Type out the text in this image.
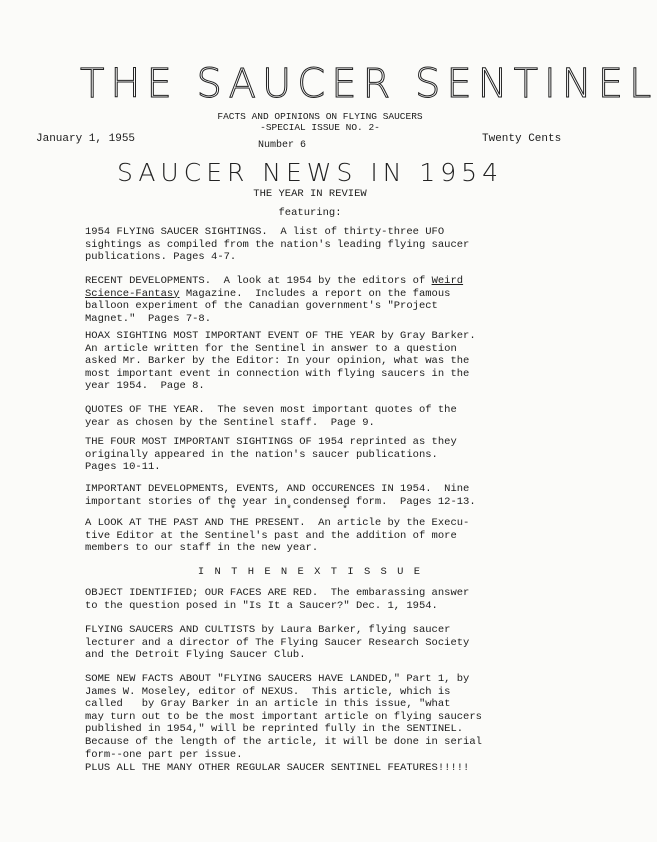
THE SAUCER SENTINEL
FACTS AND OPINIONS ON FLYING SAUCERS
-SPECIAL ISSUE NO. 2-
January 1, 1955
Number 6
Twenty Cents
SAUCER NEWS IN 1954
THE YEAR IN REVIEW
featuring:
1954 FLYING SAUCER SIGHTINGS.  A list of thirty-three UFO
sightings as compiled from the nation's leading flying saucer
publications. Pages 4-7.
RECENT DEVELOPMENTS.  A look at 1954 by the editors of Weird
Science-Fantasy Magazine.  Includes a report on the famous
balloon experiment of the Canadian government's "Project
Magnet."  Pages 7-8.
HOAX SIGHTING MOST IMPORTANT EVENT OF THE YEAR by Gray Barker.
An article written for the Sentinel in answer to a question
asked Mr. Barker by the Editor: In your opinion, what was the
most important event in connection with flying saucers in the
year 1954.  Page 8.
QUOTES OF THE YEAR.  The seven most important quotes of the
year as chosen by the Sentinel staff.  Page 9.
THE FOUR MOST IMPORTANT SIGHTINGS OF 1954 reprinted as they
originally appeared in the nation's saucer publications.
Pages 10-11.
IMPORTANT DEVELOPMENTS, EVENTS, AND OCCURENCES IN 1954.  Nine
important stories of the year in condensed form.  Pages 12-13.
* * *
A LOOK AT THE PAST AND THE PRESENT.  An article by the Execu-
tive Editor at the Sentinel's past and the addition of more
members to our staff in the new year.
I N T H E N E X T I S S U E
OBJECT IDENTIFIED; OUR FACES ARE RED.  The embarassing answer
to the question posed in "Is It a Saucer?" Dec. 1, 1954.
FLYING SAUCERS AND CULTISTS by Laura Barker, flying saucer
lecturer and a director of The Flying Saucer Research Society
and the Detroit Flying Saucer Club.
SOME NEW FACTS ABOUT "FLYING SAUCERS HAVE LANDED," Part 1, by
James W. Moseley, editor of NEXUS.  This article, which is
called   by Gray Barker in an article in this issue, "what
may turn out to be the most important article on flying saucers
published in 1954," will be reprinted fully in the SENTINEL.
Because of the length of the article, it will be done in serial
form--one part per issue.
PLUS ALL THE MANY OTHER REGULAR SAUCER SENTINEL FEATURES!!!!!
